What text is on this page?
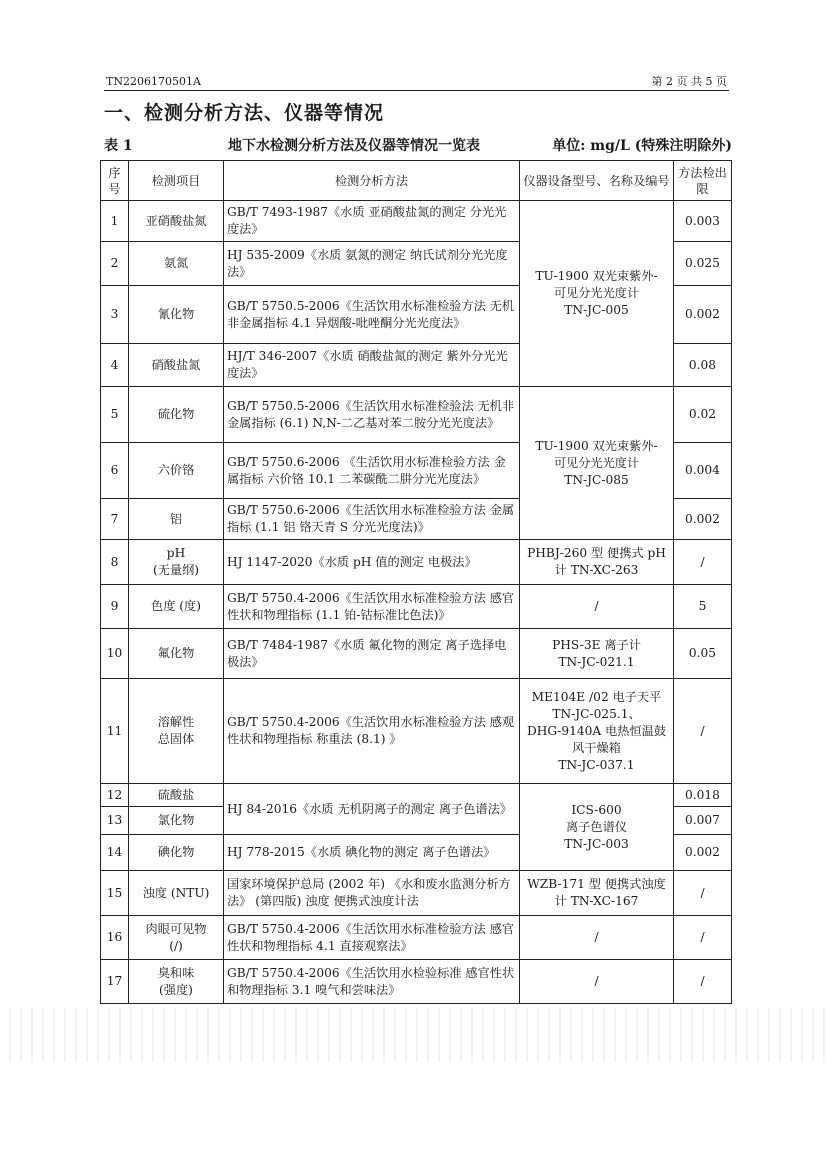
TN2206170501A	第 2 页 共 5 页
一、检测分析方法、仪器等情况
表 1	地下水检测分析方法及仪器等情况一览表	单位: mg/L (特殊注明除外)
序号	检测项目	检测分析方法	仪器设备型号、名称及编号	方法检出限
1	亚硝酸盐氮	GB/T 7493-1987《水质 亚硝酸盐氮的测定 分光光度法》	TU-1900 双光束紫外-
可见分光光度计
TN-JC-005	0.003
2	氨氮	HJ 535-2009《水质 氨氮的测定 纳氏试剂分光光度法》		0.025
3	氰化物	GB/T 5750.5-2006《生活饮用水标准检验方法 无机非金属指标 4.1 异烟酸-吡唑酮分光光度法》		0.002
4	硝酸盐氮	HJ/T 346-2007《水质 硝酸盐氮的测定 紫外分光光度法》		0.08
5	硫化物	GB/T 5750.5-2006《生活饮用水标准检验法 无机非金属指标 (6.1) N,N-二乙基对苯二胺分光光度法》	TU-1900 双光束紫外-
可见分光光度计
TN-JC-085	0.02
6	六价铬	GB/T 5750.6-2006 《生活饮用水标准检验方法 金属指标 六价铬 10.1 二苯碳酰二肼分光光度法》		0.004
7	铝	GB/T 5750.6-2006《生活饮用水标准检验方法 金属指标 (1.1 铝 铬天青 S 分光光度法)》		0.002
8	pH
(无量纲)	HJ 1147-2020《水质 pH 值的测定 电极法》	PHBJ-260 型 便携式 pH 计 TN-XC-263	/
9	色度 (度)	GB/T 5750.4-2006《生活饮用水标准检验方法 感官性状和物理指标 (1.1 铂-钴标准比色法)》	/	5
10	氟化物	GB/T 7484-1987《水质 氟化物的测定 离子选择电极法》	PHS-3E 离子计
TN-JC-021.1	0.05
11	溶解性
总固体	GB/T 5750.4-2006《生活饮用水标准检验方法 感观性状和物理指标 称重法 (8.1) 》	ME104E /02 电子天平
TN-JC-025.1、
DHG-9140A 电热恒温鼓风干燥箱
TN-JC-037.1	/
12	硫酸盐	HJ 84-2016《水质 无机阴离子的测定 离子色谱法》	ICS-600
离子色谱仪
TN-JC-003	0.018
13	氯化物			0.007
14	碘化物	HJ 778-2015《水质 碘化物的测定 离子色谱法》		0.002
15	浊度 (NTU)	国家环境保护总局 (2002 年) 《水和废水监测分析方法》 (第四版) 浊度 便携式浊度计法	WZB-171 型 便携式浊度计 TN-XC-167	/
16	肉眼可见物
(/)	GB/T 5750.4-2006《生活饮用水标准检验方法 感官性状和物理指标 4.1 直接观察法》	/	/
17	臭和味
(强度)	GB/T 5750.4-2006《生活饮用水检验标准 感官性状和物理指标 3.1 嗅气和尝味法》	/	/
